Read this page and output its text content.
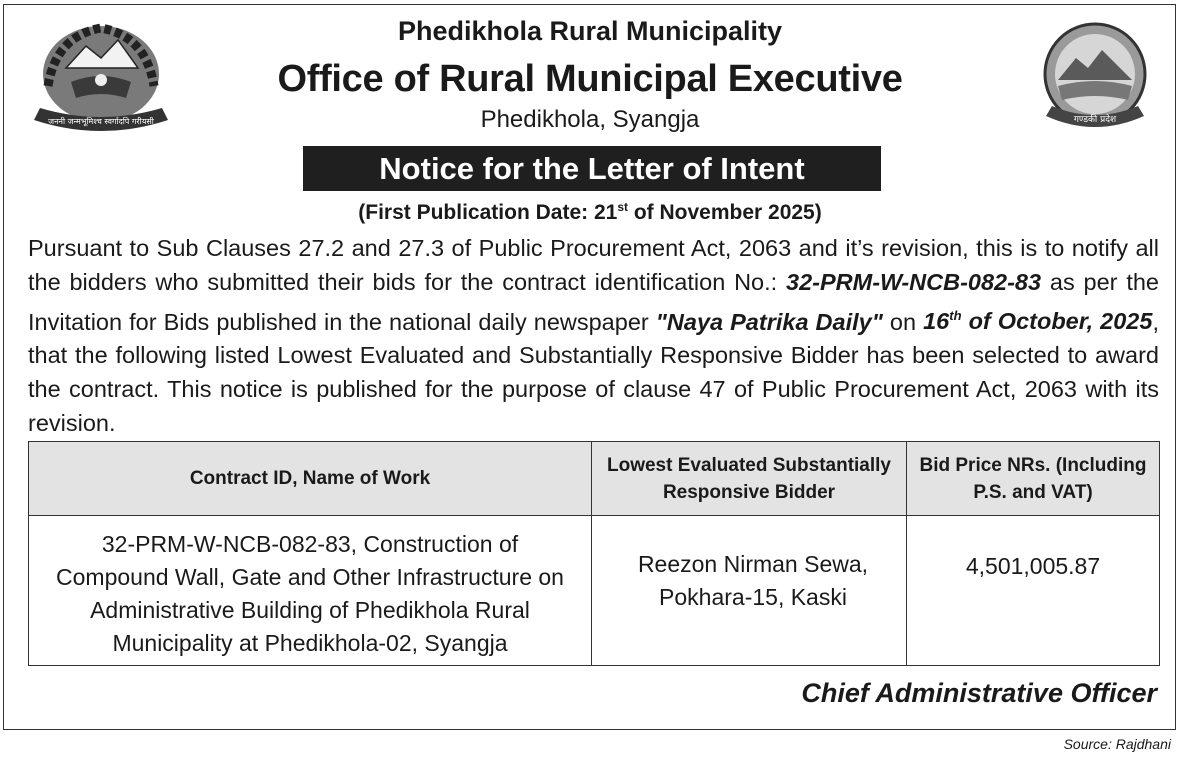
जननी जन्मभूमिश्च स्वर्गादपि गरीयसी	गण्डकी प्रदेश
Phedikhola Rural Municipality
Office of Rural Municipal Executive
Phedikhola, Syangja
Notice for the Letter of Intent
(First Publication Date: 21st of November 2025)
Pursuant to Sub Clauses 27.2 and 27.3 of Public Procurement Act, 2063 and it’s revision, this is to notify all the bidders who submitted their bids for the contract identification No.: 32-PRM-W-NCB-082-83 as per the Invitation for Bids published in the national daily newspaper "Naya Patrika Daily" on 16th of October, 2025, that the following listed Lowest Evaluated and Substantially Responsive Bidder has been selected to award the contract. This notice is published for the purpose of clause 47 of Public Procurement Act, 2063 with its revision.
Contract ID, Name of Work	Lowest Evaluated Substantially Responsive Bidder	Bid Price NRs. (Including P.S. and VAT)
32-PRM-W-NCB-082-83, Construction of Compound Wall, Gate and Other Infrastructure on Administrative Building of Phedikhola Rural Municipality at Phedikhola-02, Syangja	Reezon Nirman Sewa, Pokhara-15, Kaski	4,501,005.87
Chief Administrative Officer
Source: Rajdhani
